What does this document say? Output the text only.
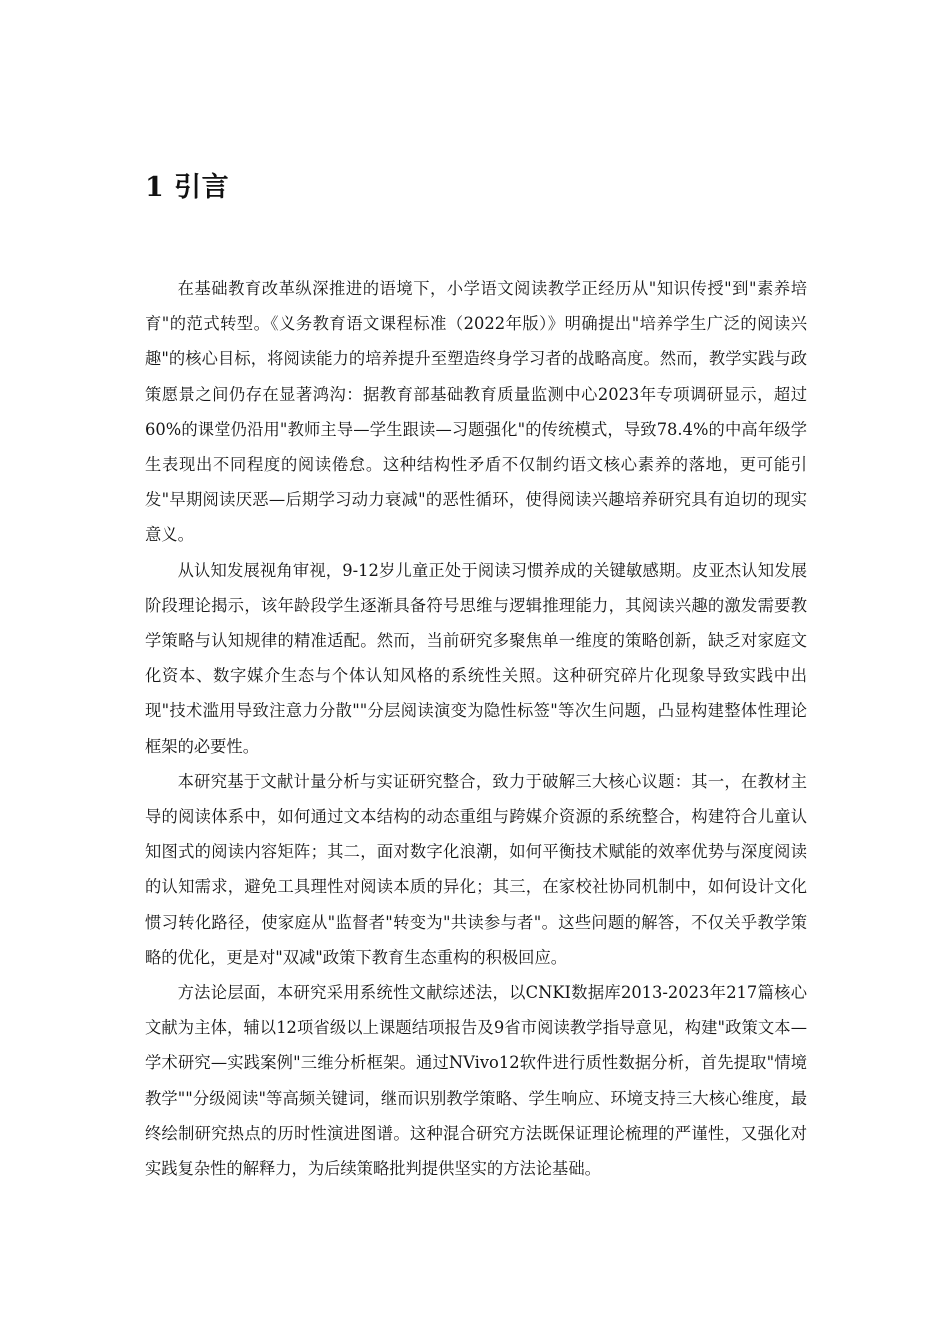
1 引言

在基础教育改革纵深推进的语境下，小学语文阅读教学正经历从"知识传授"到"素养培育"的范式转型。《义务教育语文课程标准（2022年版）》明确提出"培养学生广泛的阅读兴趣"的核心目标，将阅读能力的培养提升至塑造终身学习者的战略高度。然而，教学实践与政策愿景之间仍存在显著鸿沟：据教育部基础教育质量监测中心2023年专项调研显示，超过60%的课堂仍沿用"教师主导—学生跟读—习题强化"的传统模式，导致78.4%的中高年级学生表现出不同程度的阅读倦怠。这种结构性矛盾不仅制约语文核心素养的落地，更可能引发"早期阅读厌恶—后期学习动力衰减"的恶性循环，使得阅读兴趣培养研究具有迫切的现实意义。

从认知发展视角审视，9-12岁儿童正处于阅读习惯养成的关键敏感期。皮亚杰认知发展阶段理论揭示，该年龄段学生逐渐具备符号思维与逻辑推理能力，其阅读兴趣的激发需要教学策略与认知规律的精准适配。然而，当前研究多聚焦单一维度的策略创新，缺乏对家庭文化资本、数字媒介生态与个体认知风格的系统性关照。这种研究碎片化现象导致实践中出现"技术滥用导致注意力分散""分层阅读演变为隐性标签"等次生问题，凸显构建整体性理论框架的必要性。

本研究基于文献计量分析与实证研究整合，致力于破解三大核心议题：其一，在教材主导的阅读体系中，如何通过文本结构的动态重组与跨媒介资源的系统整合，构建符合儿童认知图式的阅读内容矩阵；其二，面对数字化浪潮，如何平衡技术赋能的效率优势与深度阅读的认知需求，避免工具理性对阅读本质的异化；其三，在家校社协同机制中，如何设计文化惯习转化路径，使家庭从"监督者"转变为"共读参与者"。这些问题的解答，不仅关乎教学策略的优化，更是对"双减"政策下教育生态重构的积极回应。

方法论层面，本研究采用系统性文献综述法，以CNKI数据库2013-2023年217篇核心文献为主体，辅以12项省级以上课题结项报告及9省市阅读教学指导意见，构建"政策文本—学术研究—实践案例"三维分析框架。通过NVivo12软件进行质性数据分析，首先提取"情境教学""分级阅读"等高频关键词，继而识别教学策略、学生响应、环境支持三大核心维度，最终绘制研究热点的历时性演进图谱。这种混合研究方法既保证理论梳理的严谨性，又强化对实践复杂性的解释力，为后续策略批判提供坚实的方法论基础。
